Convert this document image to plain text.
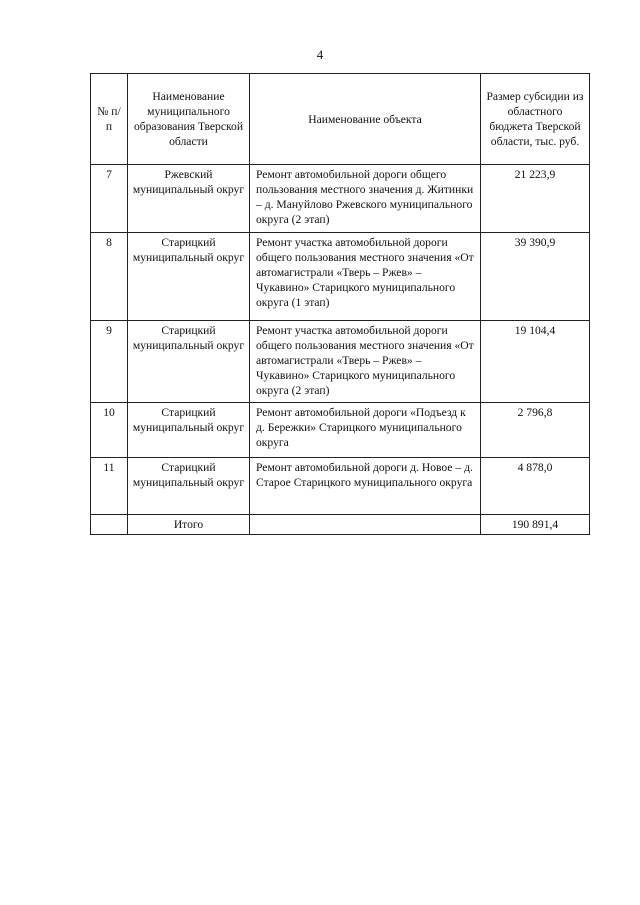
4
№ п/п	Наименование муниципального образования Тверской области	Наименование объекта	Размер субсидии из областного бюджета Тверской области, тыс. руб.
7	Ржевский муниципальный округ	Ремонт автомобильной дороги общего пользования местного значения д. Житинки – д. Мануйлово Ржевского муниципального округа (2 этап)	21 223,9
8	Старицкий муниципальный округ	Ремонт участка автомобильной дороги общего пользования местного значения «От автомагистрали «Тверь – Ржев» – Чукавино» Старицкого муниципального округа (1 этап)	39 390,9
9	Старицкий муниципальный округ	Ремонт участка автомобильной дороги общего пользования местного значения «От автомагистрали «Тверь – Ржев» – Чукавино» Старицкого муниципального округа (2 этап)	19 104,4
10	Старицкий муниципальный округ	Ремонт автомобильной дороги «Подъезд к д. Бережки» Старицкого муниципального округа	2 796,8
11	Старицкий муниципальный округ	Ремонт автомобильной дороги д. Новое – д. Старое Старицкого муниципального округа	4 878,0
	Итого		190 891,4
